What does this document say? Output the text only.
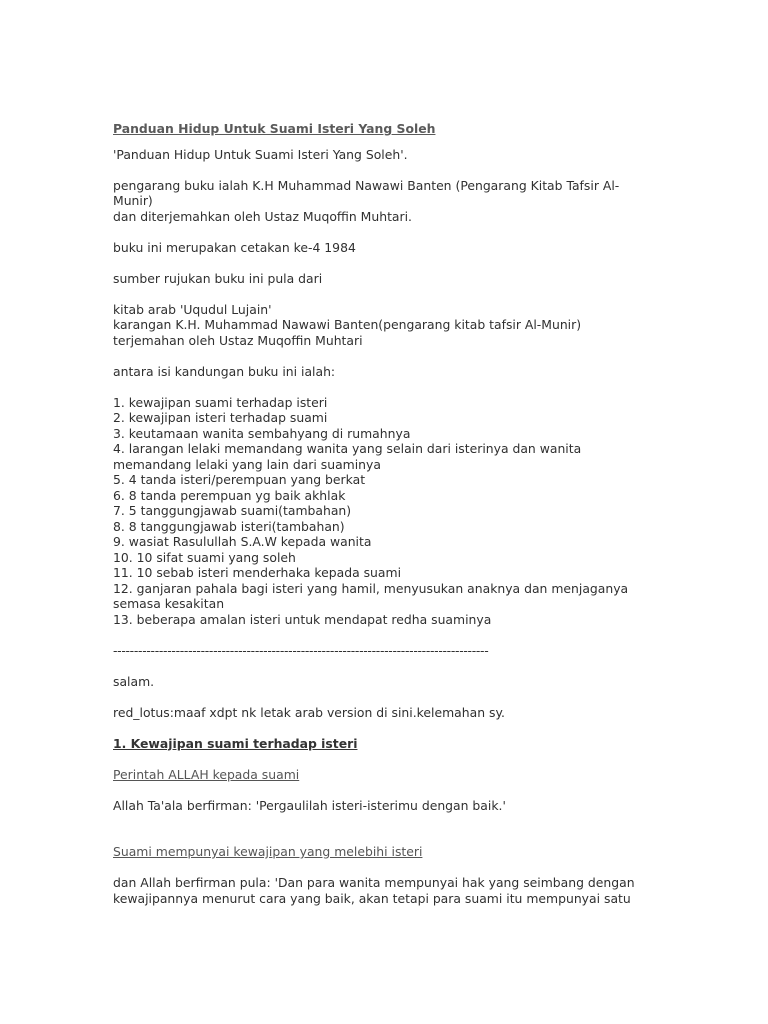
Panduan Hidup Untuk Suami Isteri Yang Soleh
'Panduan Hidup Untuk Suami Isteri Yang Soleh'.
pengarang buku ialah K.H Muhammad Nawawi Banten (Pengarang Kitab Tafsir Al-Munir)
dan diterjemahkan oleh Ustaz Muqoffin Muhtari.
buku ini merupakan cetakan ke-4 1984
sumber rujukan buku ini pula dari
kitab arab 'Uqudul Lujain'
karangan K.H. Muhammad Nawawi Banten(pengarang kitab tafsir Al-Munir)
terjemahan oleh Ustaz Muqoffin Muhtari
antara isi kandungan buku ini ialah:
1. kewajipan suami terhadap isteri
2. kewajipan isteri terhadap suami
3. keutamaan wanita sembahyang di rumahnya
4. larangan lelaki memandang wanita yang selain dari isterinya dan wanita memandang lelaki yang lain dari suaminya
5. 4 tanda isteri/perempuan yang berkat
6. 8 tanda perempuan yg baik akhlak
7. 5 tanggungjawab suami(tambahan)
8. 8 tanggungjawab isteri(tambahan)
9. wasiat Rasulullah S.A.W kepada wanita
10. 10 sifat suami yang soleh
11. 10 sebab isteri menderhaka kepada suami
12. ganjaran pahala bagi isteri yang hamil, menyusukan anaknya dan menjaganya semasa kesakitan
13. beberapa amalan isteri untuk mendapat redha suaminya
------------------------------------------------------------------------------------------
salam.
red_lotus:maaf xdpt nk letak arab version di sini.kelemahan sy.
1. Kewajipan suami terhadap isteri
Perintah ALLAH kepada suami
Allah Ta'ala berfirman: 'Pergaulilah isteri-isterimu dengan baik.'
Suami mempunyai kewajipan yang melebihi isteri
dan Allah berfirman pula: 'Dan para wanita mempunyai hak yang seimbang dengan kewajipannya menurut cara yang baik, akan tetapi para suami itu mempunyai satu
